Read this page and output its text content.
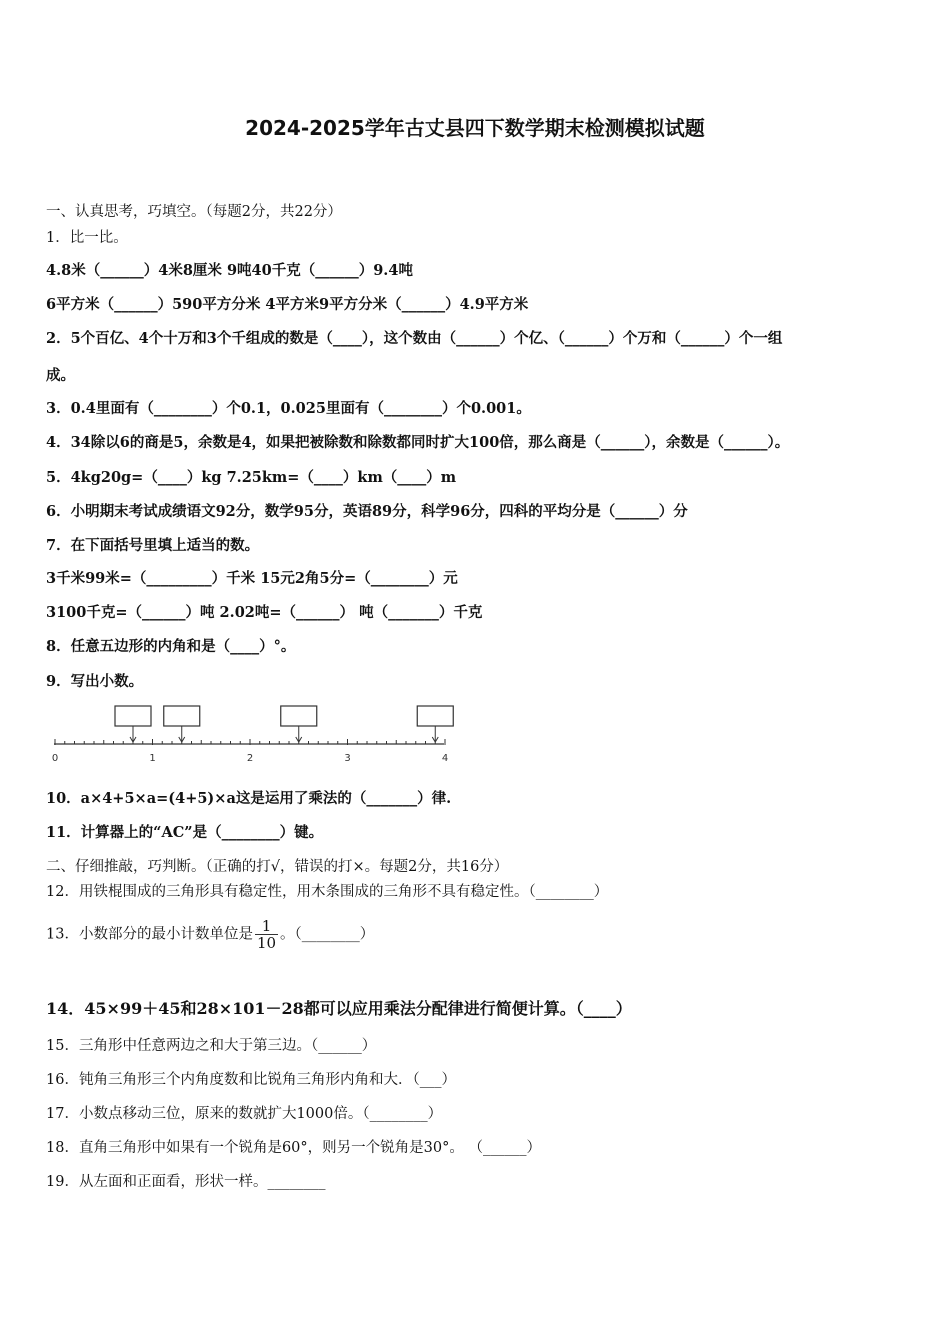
2024-2025学年古丈县四下数学期末检测模拟试题
一、认真思考，巧填空。（每题2分，共22分）
1．比一比。
4.8米（______）4米8厘米 9吨40千克（______）9.4吨
6平方米（______）590平方分米 4平方米9平方分米（______）4.9平方米
2．5个百亿、4个十万和3个千组成的数是（____），这个数由（______）个亿、（______）个万和（______）个一组
成。
3．0.4里面有（________）个0.1，0.025里面有（________）个0.001。
4．34除以6的商是5，余数是4，如果把被除数和除数都同时扩大100倍，那么商是（______），余数是（______）。
5．4kg20g=（____）kg 7.25km=（____）km（____）m
6．小明期末考试成绩语文92分，数学95分，英语89分，科学96分，四科的平均分是（______）分
7．在下面括号里填上适当的数。
3千米99米=（_________）千米 15元2角5分=（________）元
3100千克=（______）吨 2.02吨=（______） 吨（_______）千克
8．任意五边形的内角和是（____）°。
9．写出小数。
0	1	2	3	4
10．a×4+5×a=(4+5)×a这是运用了乘法的（_______）律.
11．计算器上的“AC”是（________）键。
二、仔细推敲，巧判断。（正确的打√，错误的打×。每题2分，共16分）
12．用铁棍围成的三角形具有稳定性，用木条围成的三角形不具有稳定性。（________）
13．小数部分的最小计数单位是 $\frac{1}{10}$ 。（________）
14．45×99＋45和28×101－28都可以应用乘法分配律进行简便计算。（____）
15．三角形中任意两边之和大于第三边。（______）
16．钝角三角形三个内角度数和比锐角三角形内角和大．（___）
17．小数点移动三位，原来的数就扩大1000倍。（________）
18．直角三角形中如果有一个锐角是60°，则另一个锐角是30°。 （______）
19．从左面和正面看，形状一样。________
